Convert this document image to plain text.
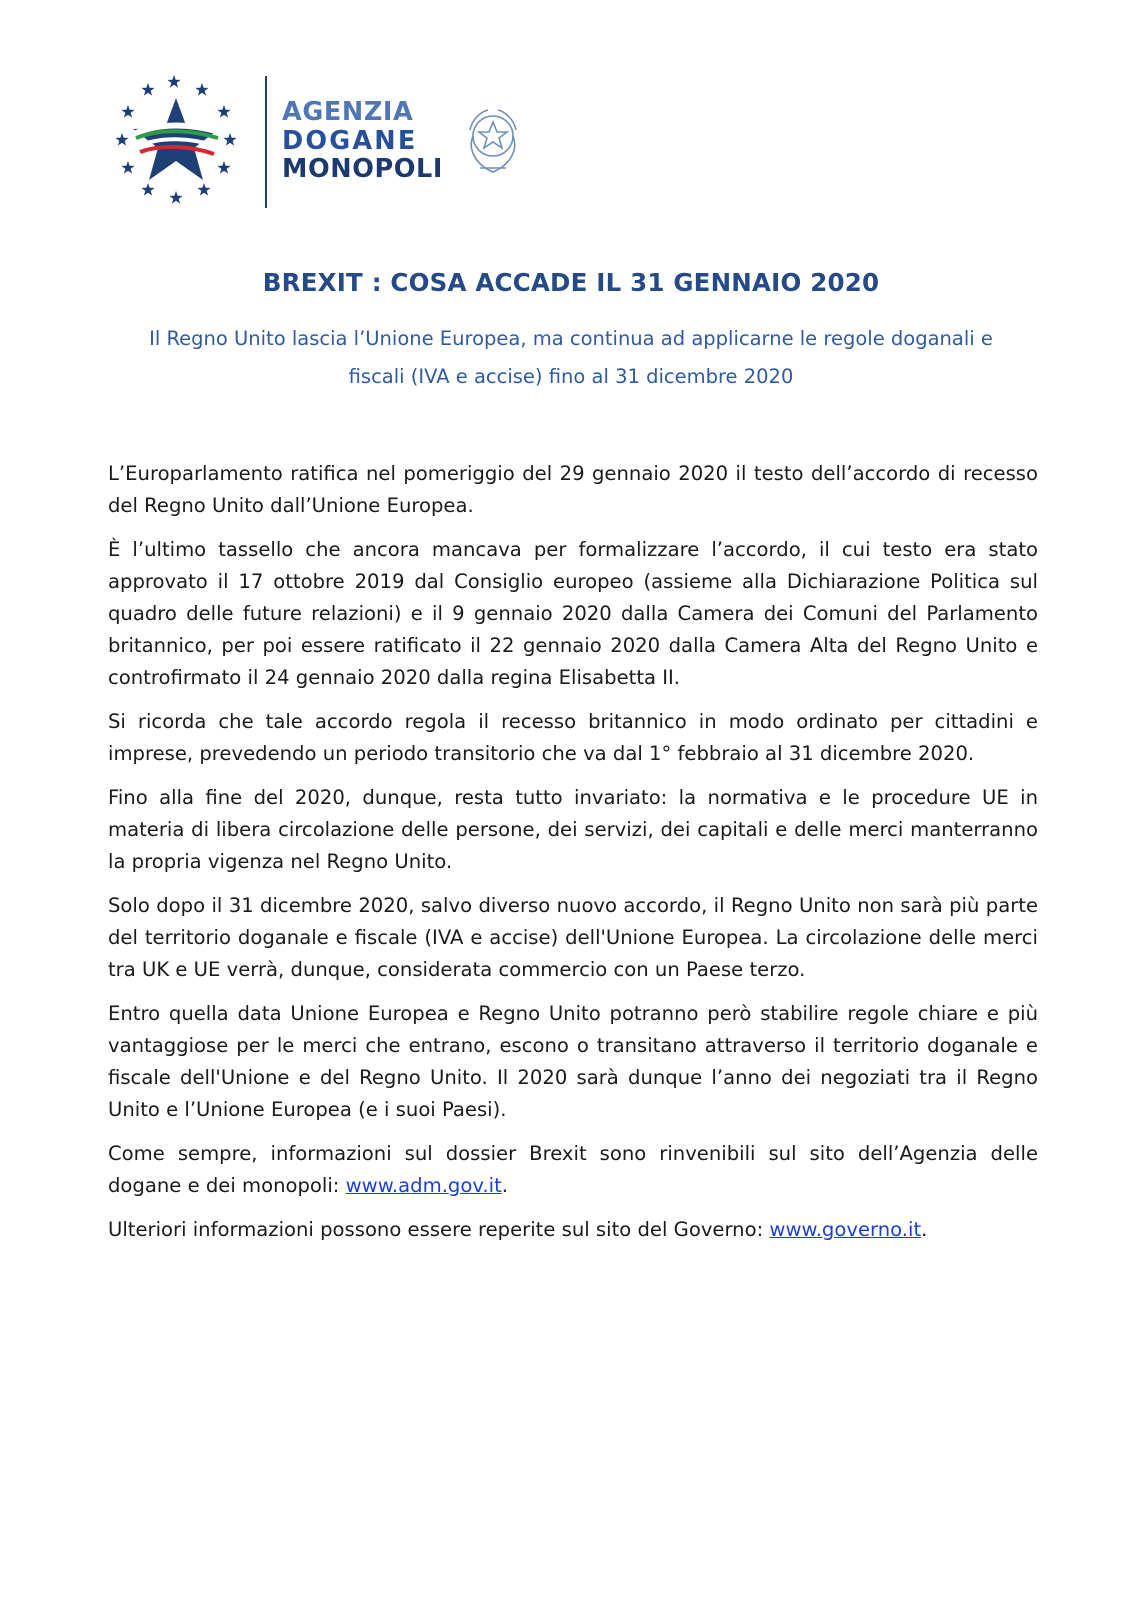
AGENZIA
DOGANE
MONOPOLI
BREXIT : COSA ACCADE IL 31 GENNAIO 2020
Il Regno Unito lascia l’Unione Europea, ma continua ad applicarne le regole doganali e
fiscali (IVA e accise) fino al 31 dicembre 2020

L’Europarlamento ratifica nel pomeriggio del 29 gennaio 2020 il testo dell’accordo di recesso del Regno Unito dall’Unione Europea.

È l’ultimo tassello che ancora mancava per formalizzare l’accordo, il cui testo era stato approvato il 17 ottobre 2019 dal Consiglio europeo (assieme alla Dichiarazione Politica sul quadro delle future relazioni) e il 9 gennaio 2020 dalla Camera dei Comuni del Parlamento britannico, per poi essere ratificato il 22 gennaio 2020 dalla Camera Alta del Regno Unito e controfirmato il 24 gennaio 2020 dalla regina Elisabetta II.

Si ricorda che tale accordo regola il recesso britannico in modo ordinato per cittadini e imprese, prevedendo un periodo transitorio che va dal 1° febbraio al 31 dicembre 2020.

Fino alla fine del 2020, dunque, resta tutto invariato: la normativa e le procedure UE in materia di libera circolazione delle persone, dei servizi, dei capitali e delle merci manterranno la propria vigenza nel Regno Unito.

Solo dopo il 31 dicembre 2020, salvo diverso nuovo accordo, il Regno Unito non sarà più parte del territorio doganale e fiscale (IVA e accise) dell'Unione Europea. La circolazione delle merci tra UK e UE verrà, dunque, considerata commercio con un Paese terzo.

Entro quella data Unione Europea e Regno Unito potranno però stabilire regole chiare e più vantaggiose per le merci che entrano, escono o transitano attraverso il territorio doganale e fiscale dell'Unione e del Regno Unito. Il 2020 sarà dunque l’anno dei negoziati tra il Regno Unito e l’Unione Europea (e i suoi Paesi).

Come sempre, informazioni sul dossier Brexit sono rinvenibili sul sito dell’Agenzia delle dogane e dei monopoli: www.adm.gov.it.

Ulteriori informazioni possono essere reperite sul sito del Governo: www.governo.it.
